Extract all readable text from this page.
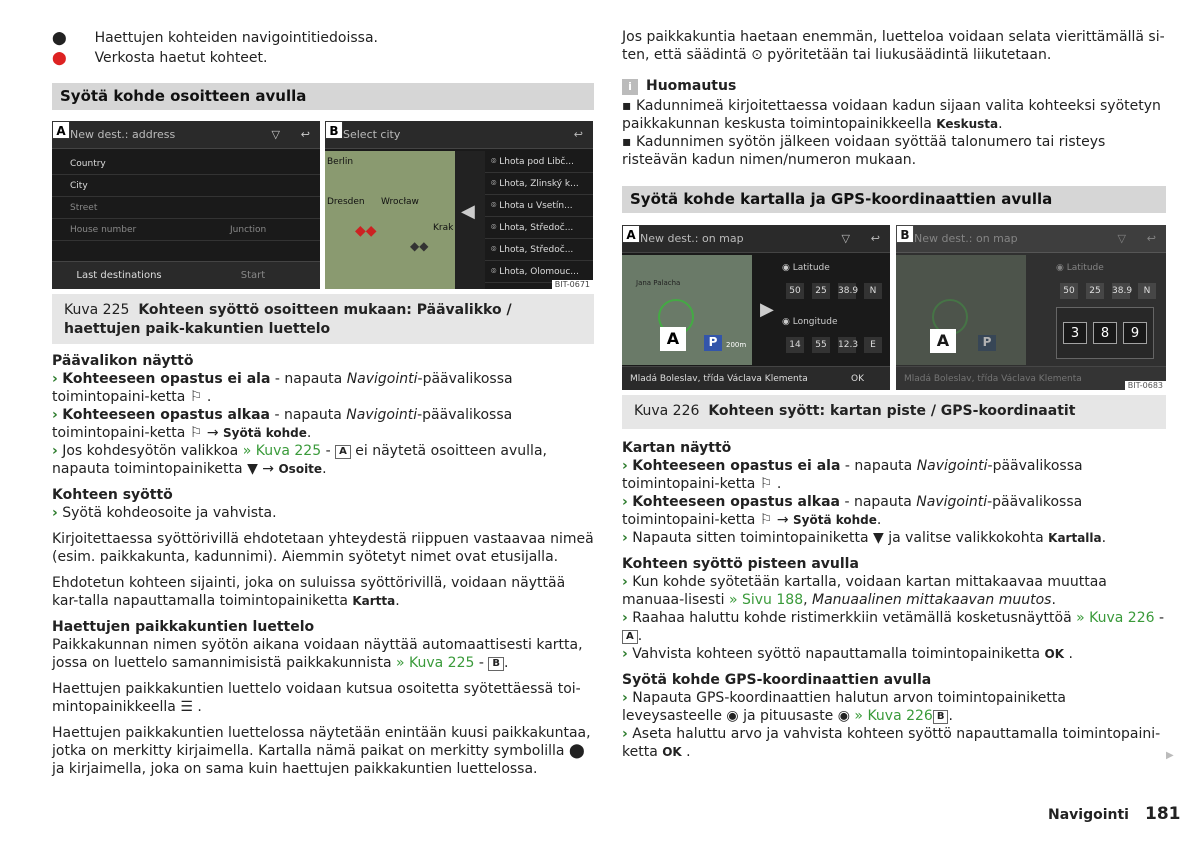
⬤ Haettujen kohteiden navigointitiedoissa.
⬤ Verkosta haetut kohteet.
Syötä kohde osoitteen avulla
New dest.: address	▽ ↩
A
Country
City
Street
House number	Junction
Last destinations	Start
Select city	↩
B
Berlin
Dresden Wrocław
Krak
◆◆
◆◆
◀
⌾ Lhota pod Libč...
⌾ Lhota, Zlinský k...
⌾ Lhota u Vsetín...
⌾ Lhota, Středoč...
⌾ Lhota, Středoč...
⌾ Lhota, Olomouc...
BIT-0671
Kuva 225 Kohteen syöttö osoitteen mukaan: Päävalikko / haettujen paik-kakuntien luettelo
Päävalikon näyttö
› Kohteeseen opastus ei ala - napauta Navigointi-päävalikossa toimintopaini-ketta ⚐ .
› Kohteeseen opastus alkaa - napauta Navigointi-päävalikossa toimintopaini-ketta ⚐ → Syötä kohde.
› Jos kohdesyötön valikkoa » Kuva 225 - A ei näytetä osoitteen avulla, napauta toimintopainiketta ▼ → Osoite.
Kohteen syöttö
› Syötä kohdeosoite ja vahvista.
Kirjoitettaessa syöttörivillä ehdotetaan yhteydestä riippuen vastaavaa nimeä (esim. paikkakunta, kadunnimi). Aiemmin syötetyt nimet ovat etusijalla.
Ehdotetun kohteen sijainti, joka on suluissa syöttörivillä, voidaan näyttää kar-talla napauttamalla toimintopainiketta Kartta.
Haettujen paikkakuntien luettelo
Paikkakunnan nimen syötön aikana voidaan näyttää automaattisesti kartta, jossa on luettelo samannimisistä paikkakunnista » Kuva 225 - B .
Haettujen paikkakuntien luettelo voidaan kutsua osoitetta syötettäessä toi-mintopainikkeella ☰ .
Haettujen paikkakuntien luettelossa näytetään enintään kuusi paikkakuntaa, jotka on merkitty kirjaimella. Kartalla nämä paikat on merkitty symbolilla ⬤ ja kirjaimella, joka on sama kuin haettujen paikkakuntien luettelossa.
Jos paikkakuntia haetaan enemmän, luetteloa voidaan selata vierittämällä si-ten, että säädintä ⊙ pyöritetään tai liukusäädintä liikutetaan.
i Huomautus
▪ Kadunnimeä kirjoitettaessa voidaan kadun sijaan valita kohteeksi syötetyn paikkakunnan keskusta toimintopainikkeella Keskusta.
▪ Kadunnimen syötön jälkeen voidaan syöttää talonumero tai risteys risteävän kadun nimen/numeron mukaan.
Syötä kohde kartalla ja GPS-koordinaattien avulla
New dest.: on map	▽ ↩
A
Jana Palacha
A	P	200m
▶
◉ Latitude
50 25 38.9 N
◉ Longitude
14 55 12.3 E
Mladá Boleslav, třída Václava Klementa	OK
New dest.: on map	▽ ↩
B
A	P
◉ Latitude
50 25 38.9 N
3	8	9
Mladá Boleslav, třída Václava Klementa
BIT-0683
Kuva 226 Kohteen syött: kartan piste / GPS-koordinaatit
Kartan näyttö
› Kohteeseen opastus ei ala - napauta Navigointi-päävalikossa toimintopaini-ketta ⚐ .
› Kohteeseen opastus alkaa - napauta Navigointi-päävalikossa toimintopaini-ketta ⚐ → Syötä kohde.
› Napauta sitten toimintopainiketta ▼ ja valitse valikkokohta Kartalla.
Kohteen syöttö pisteen avulla
› Kun kohde syötetään kartalla, voidaan kartan mittakaavaa muuttaa manuaa-lisesti » Sivu 188, Manuaalinen mittakaavan muutos.
› Raahaa haluttu kohde ristimerkkiin vetämällä kosketusnäyttöä » Kuva 226 - A .
› Vahvista kohteen syöttö napauttamalla toimintopainiketta OK .
Syötä kohde GPS-koordinaattien avulla
› Napauta GPS-koordinaattien halutun arvon toimintopainiketta leveysasteelle ◉ ja pituusaste ◉ » Kuva 226 B .
› Aseta haluttu arvo ja vahvista kohteen syöttö napauttamalla toimintopaini-ketta OK .	▶
Navigointi 181
